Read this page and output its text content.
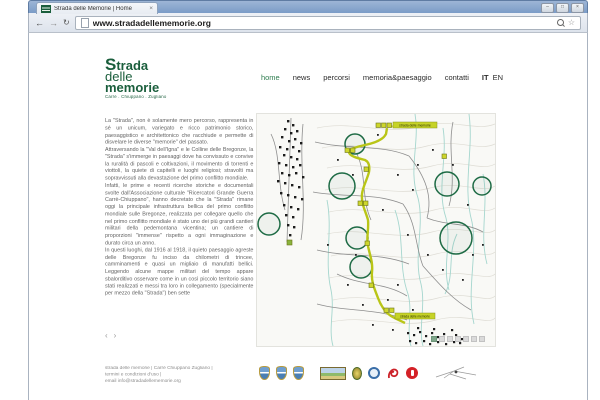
Strada delle Memorie | Home	×	–	□	×
← → ↻	www.stradadellememorie.org	☆
Strada
delle
memorie
Carrè . Chiuppano . Zugliano
home news percorsi memoria&paesaggio contatti IT EN

La "Strada", non è solamente mero percorso, rappresenta in sé un unicum, variegato e ricco patrimonio storico, paesaggistico e architettonico che racchiude e permette di disvelare le diverse "memorie" del passato.

Attraversando la "Val dell'Igna" e le Colline delle Bregonze, la "Strada" s'immerge in paesaggi dove ha convissuto e convive la ruralità di pascoli e coltivazioni, il movimento di torrenti e viottoli, la quiete di capitelli e luoghi religiosi; stravolti ma sopravvissuti alla devastazione del primo conflitto mondiale.

Infatti, le prime e recenti ricerche storiche e documentali svolte dall'Associazione culturale "Ricercatori Grande Guerra Carrè-Chiuppano", hanno decretato che la "Strada" rimane oggi la principale infrastruttura bellica del primo conflitto mondiale sulle Bregonze, realizzata per collegare quello che nel primo conflitto mondiale è stato uno dei più grandi cantieri militari della pedemontana vicentina; un cantiere di proporzioni "immense" rispetto a ogni immaginazione e durato circa un anno.

In questi luoghi, dal 1916 al 1918, il quieto paesaggio agreste delle Bregonze fu inciso da chilometri di trincee, camminamenti e quasi un migliaio di manufatti bellici. Leggendo alcune mappe militari del tempo appare sbalorditivo osservare come in un così piccolo territorio siano stati realizzati e messi tra loro in collegamento (specialmente per mezzo della "Strada") ben sette

‹ ›
strada delle memorie
strada delle memorie
strada delle memorie | Carrè Chiuppano Zugliano |
termini e condizioni d'uso |
email info@stradadellememorie.org
